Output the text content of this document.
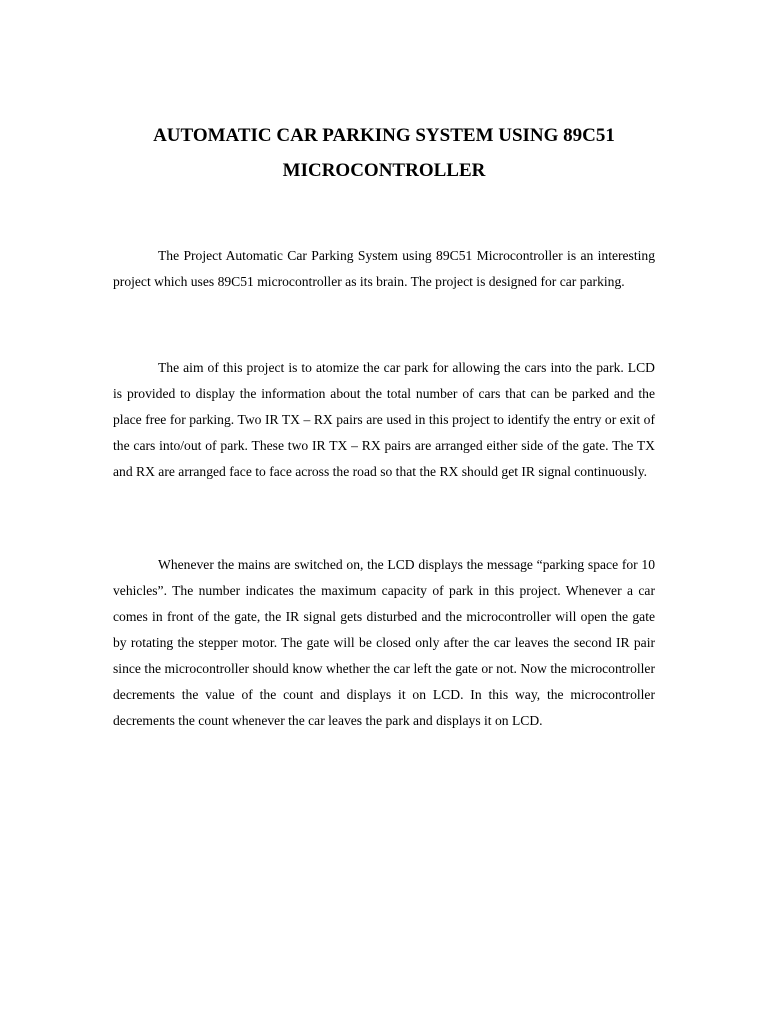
AUTOMATIC CAR PARKING SYSTEM USING 89C51
MICROCONTROLLER

The Project Automatic Car Parking System using 89C51 Microcontroller is an interesting project which uses 89C51 microcontroller as its brain. The project is designed for car parking.

The aim of this project is to atomize the car park for allowing the cars into the park. LCD is provided to display the information about the total number of cars that can be parked and the place free for parking. Two IR TX – RX pairs are used in this project to identify the entry or exit of the cars into/out of park. These two IR TX – RX pairs are arranged either side of the gate. The TX and RX are arranged face to face across the road so that the RX should get IR signal continuously.

Whenever the mains are switched on, the LCD displays the message “parking space for 10 vehicles”. The number indicates the maximum capacity of park in this project. Whenever a car comes in front of the gate, the IR signal gets disturbed and the microcontroller will open the gate by rotating the stepper motor. The gate will be closed only after the car leaves the second IR pair since the microcontroller should know whether the car left the gate or not. Now the microcontroller decrements the value of the count and displays it on LCD. In this way, the microcontroller decrements the count whenever the car leaves the park and displays it on LCD.
